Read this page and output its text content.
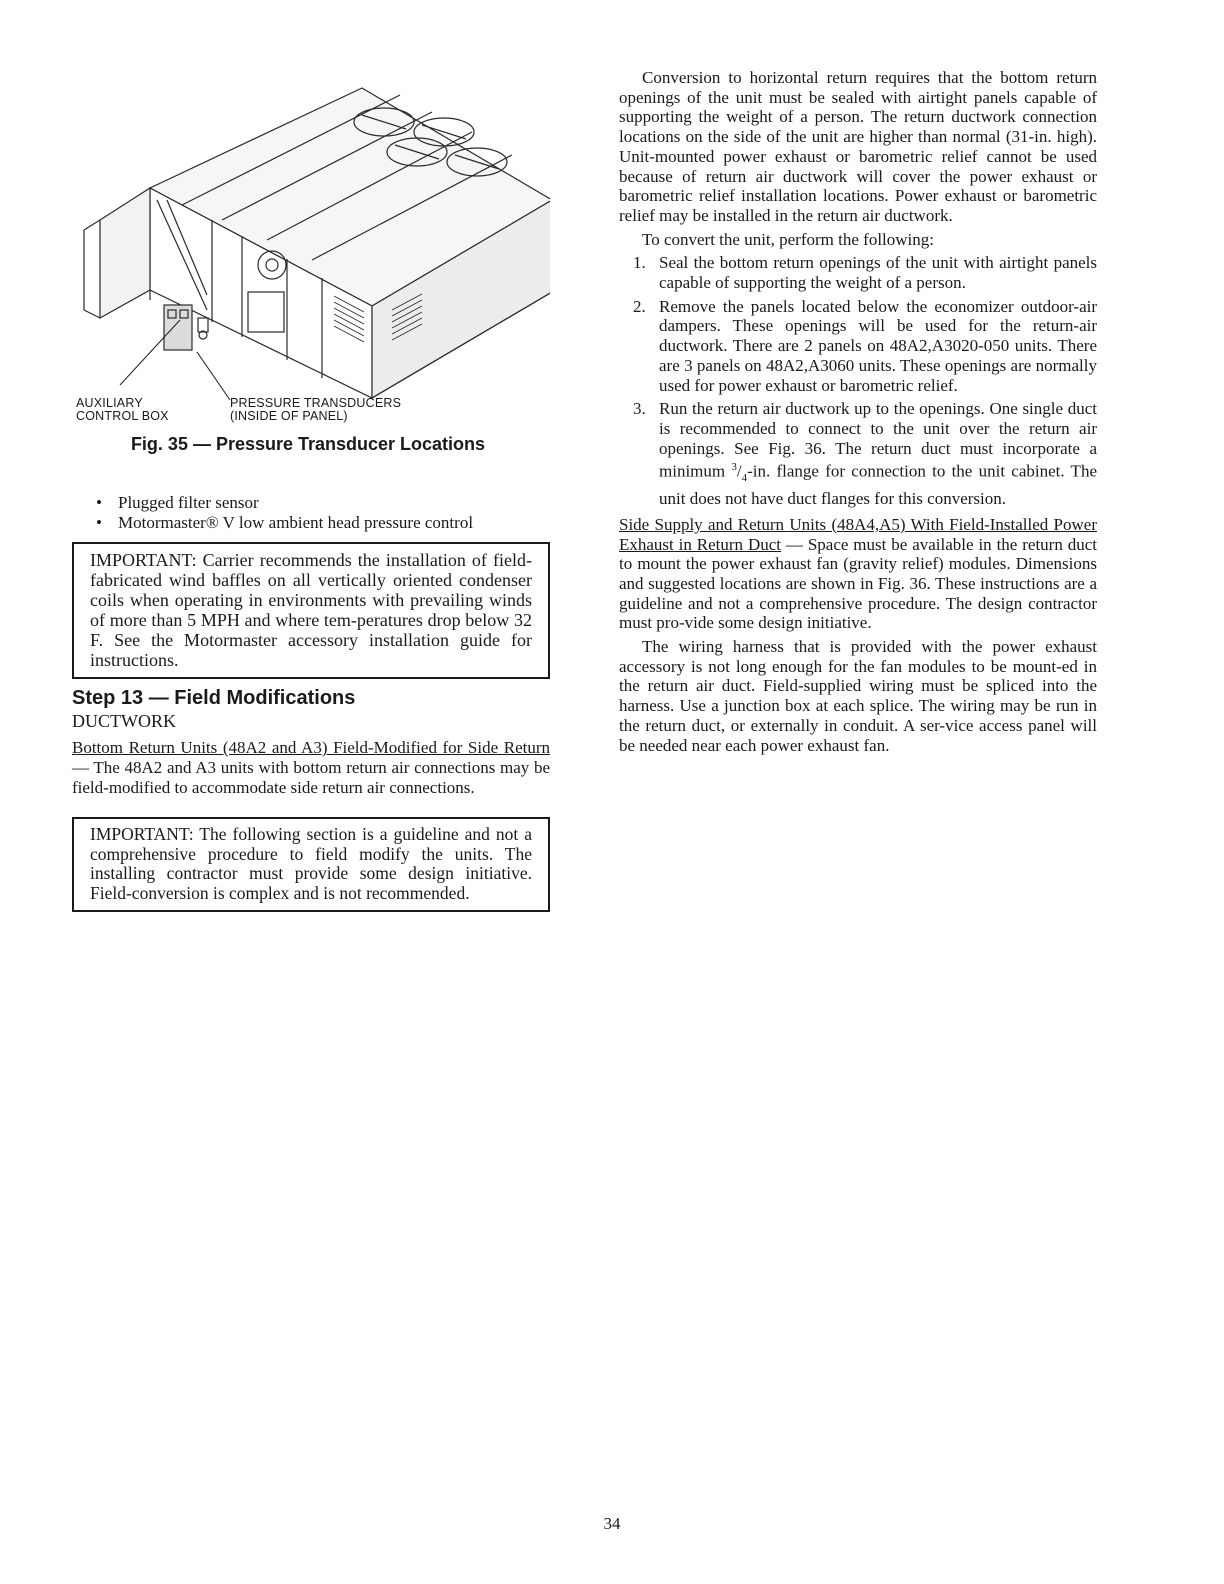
AUXILIARY
CONTROL BOX
PRESSURE TRANSDUCERS
(INSIDE OF PANEL)
Fig. 35 — Pressure Transducer Locations
• Plugged filter sensor
• Motormaster® V low ambient head pressure control
IMPORTANT: Carrier recommends the installation of field-fabricated wind baffles on all vertically oriented condenser coils when operating in environments with prevailing winds of more than 5 MPH and where tem-peratures drop below 32 F. See the Motormaster accessory installation guide for instructions.
Step 13 — Field Modifications
DUCTWORK

Bottom Return Units (48A2 and A3) Field-Modified for Side Return — The 48A2 and A3 units with bottom return air connections may be field-modified to accommodate side return air connections.

IMPORTANT: The following section is a guideline and not a comprehensive procedure to field modify the units. The installing contractor must provide some design initiative. Field-conversion is complex and is not recommended.

Conversion to horizontal return requires that the bottom return openings of the unit must be sealed with airtight panels capable of supporting the weight of a person. The return ductwork connection locations on the side of the unit are higher than normal (31-in. high). Unit-mounted power exhaust or barometric relief cannot be used because of return air ductwork will cover the power exhaust or barometric relief installation locations. Power exhaust or barometric relief may be installed in the return air ductwork.

To convert the unit, perform the following:

1. Seal the bottom return openings of the unit with airtight panels capable of supporting the weight of a person.
2. Remove the panels located below the economizer outdoor-air dampers. These openings will be used for the return-air ductwork. There are 2 panels on 48A2,A3020-050 units. There are 3 panels on 48A2,A3060 units. These openings are normally used for power exhaust or barometric relief.
3. Run the return air ductwork up to the openings. One single duct is recommended to connect to the unit over the return air openings. See Fig. 36. The return duct must incorporate a minimum $^3/_4-in$. flange for connection to the unit cabinet. The unit does not have duct flanges for this conversion.

Side Supply and Return Units (48A4,A5) With Field-Installed Power Exhaust in Return Duct — Space must be available in the return duct to mount the power exhaust fan (gravity relief) modules. Dimensions and suggested locations are shown in Fig. 36. These instructions are a guideline and not a comprehensive procedure. The design contractor must pro-vide some design initiative.

The wiring harness that is provided with the power exhaust accessory is not long enough for the fan modules to be mount-ed in the return air duct. Field-supplied wiring must be spliced into the harness. Use a junction box at each splice. The wiring may be run in the return duct, or externally in conduit. A ser-vice access panel will be needed near each power exhaust fan.

34
